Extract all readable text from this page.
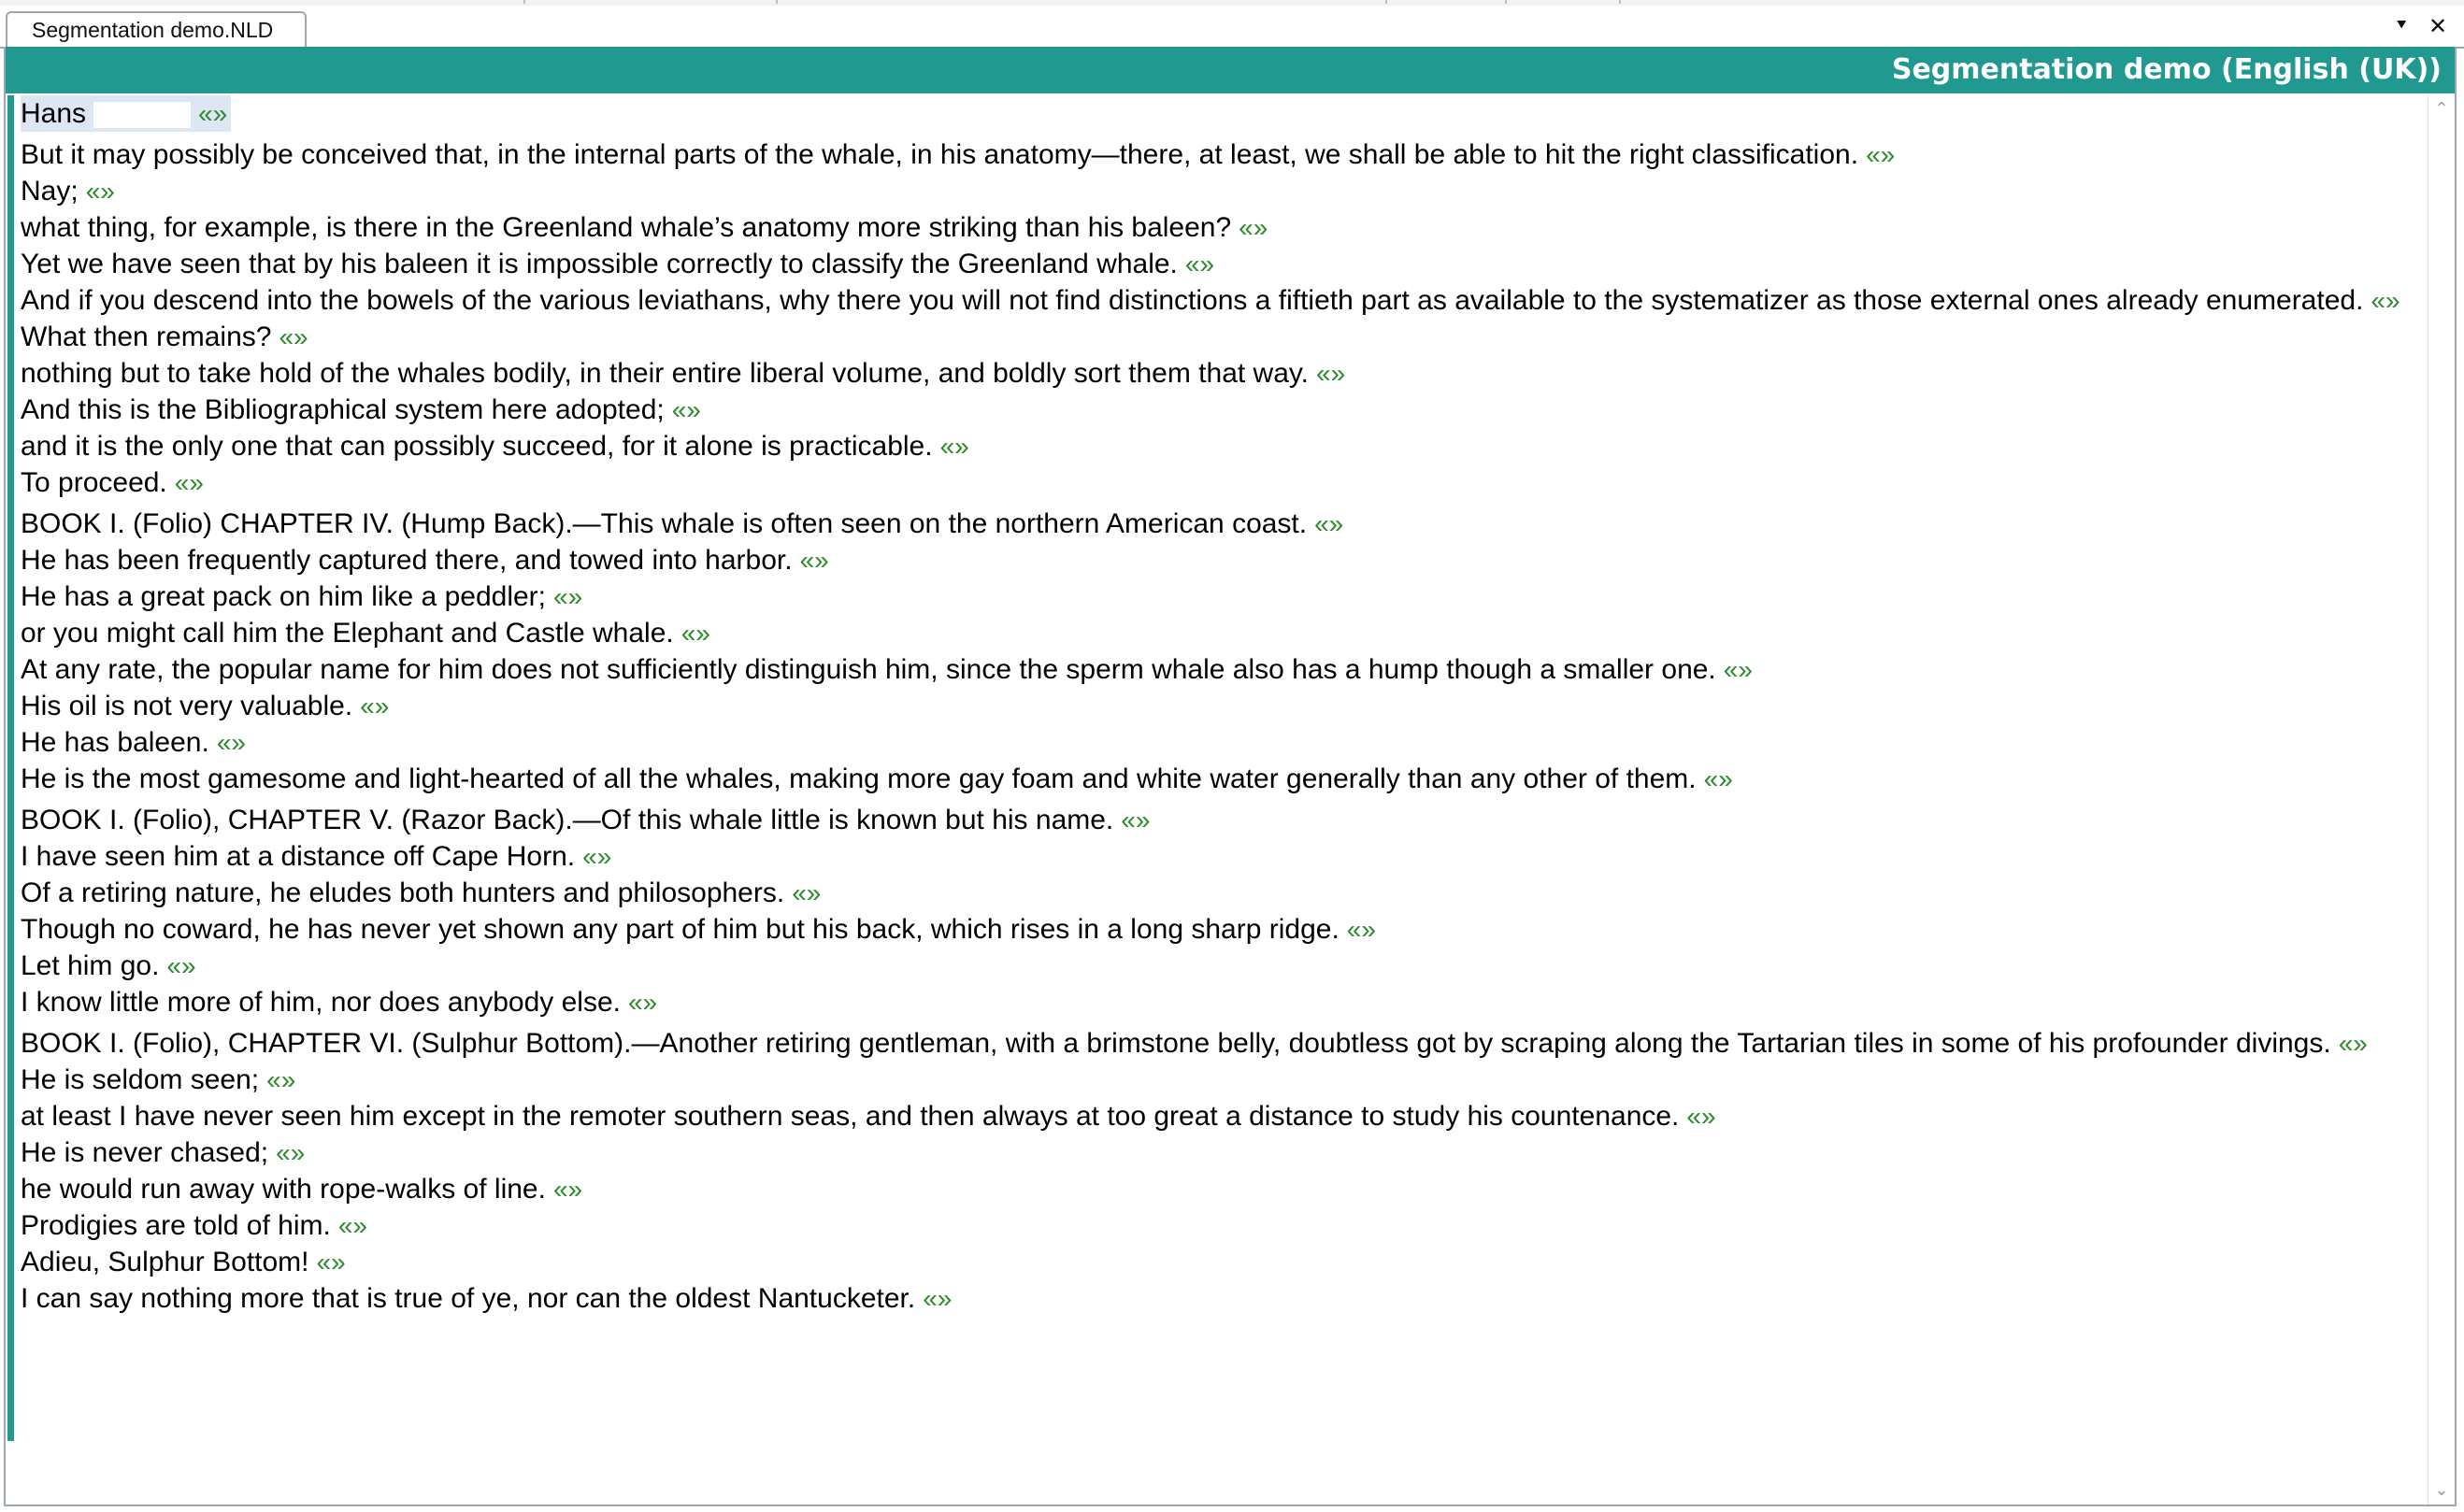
Segmentation demo.NLD	⯆ ✕
Segmentation demo (English (UK))
Hans	«»
But it may possibly be conceived that, in the internal parts of the whale, in his anatomy—there, at least, we shall be able to hit the right classification. «»
Nay; «»
what thing, for example, is there in the Greenland whale’s anatomy more striking than his baleen? «»
Yet we have seen that by his baleen it is impossible correctly to classify the Greenland whale. «»
And if you descend into the bowels of the various leviathans, why there you will not find distinctions a fiftieth part as available to the systematizer as those external ones already enumerated. «»
What then remains? «»
nothing but to take hold of the whales bodily, in their entire liberal volume, and boldly sort them that way. «»
And this is the Bibliographical system here adopted; «»
and it is the only one that can possibly succeed, for it alone is practicable. «»
To proceed. «»
BOOK I. (Folio) CHAPTER IV. (Hump Back).—This whale is often seen on the northern American coast. «»
He has been frequently captured there, and towed into harbor. «»
He has a great pack on him like a peddler; «»
or you might call him the Elephant and Castle whale. «»
At any rate, the popular name for him does not sufficiently distinguish him, since the sperm whale also has a hump though a smaller one. «»
His oil is not very valuable. «»
He has baleen. «»
He is the most gamesome and light-hearted of all the whales, making more gay foam and white water generally than any other of them. «»
BOOK I. (Folio), CHAPTER V. (Razor Back).—Of this whale little is known but his name. «»
I have seen him at a distance off Cape Horn. «»
Of a retiring nature, he eludes both hunters and philosophers. «»
Though no coward, he has never yet shown any part of him but his back, which rises in a long sharp ridge. «»
Let him go. «»
I know little more of him, nor does anybody else. «»
BOOK I. (Folio), CHAPTER VI. (Sulphur Bottom).—Another retiring gentleman, with a brimstone belly, doubtless got by scraping along the Tartarian tiles in some of his profounder divings. «»
He is seldom seen; «»
at least I have never seen him except in the remoter southern seas, and then always at too great a distance to study his countenance. «»
He is never chased; «»
he would run away with rope-walks of line. «»
Prodigies are told of him. «»
Adieu, Sulphur Bottom! «»
I can say nothing more that is true of ye, nor can the oldest Nantucketer. «»
⌃
⌄
